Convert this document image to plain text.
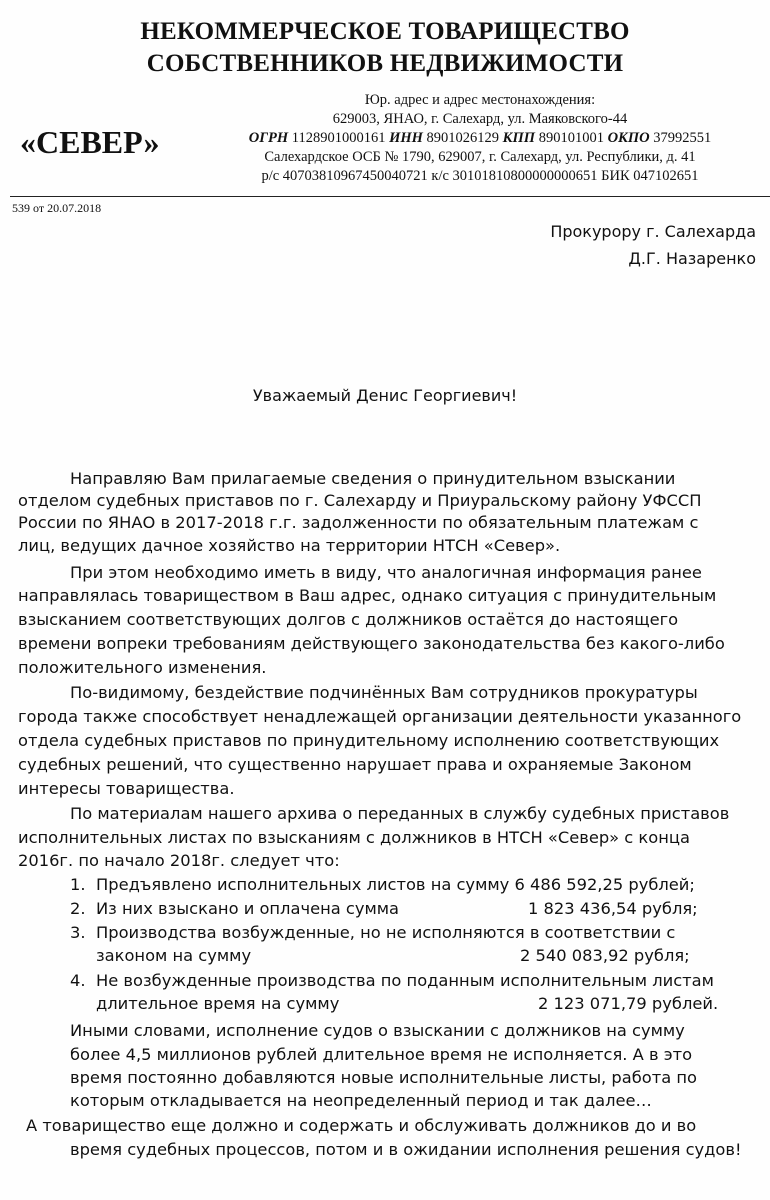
НЕКОММЕРЧЕСКОЕ ТОВАРИЩЕСТВО
СОБСТВЕННИКОВ НЕДВИЖИМОСТИ
«СЕВЕР»
Юр. адрес и адрес местонахождения:
629003, ЯНАО, г. Салехард, ул. Маяковского-44
ОГРН 1128901000161 ИНН 8901026129 КПП 890101001 ОКПО 37992551
Салехардское ОСБ № 1790, 629007, г. Салехард, ул. Республики, д. 41
р/с 40703810967450040721 к/с 30101810800000000651 БИК 047102651
539 от 20.07.2018
Прокурору г. Салехарда
Д.Г. Назаренко
Уважаемый Денис Георгиевич!
Направляю Вам прилагаемые сведения о принудительном взыскании
отделом судебных приставов по г. Салехарду и Приуральскому району УФССП
России по ЯНАО в 2017-2018 г.г. задолженности по обязательным платежам с
лиц, ведущих дачное хозяйство на территории НТСН «Север».
При этом необходимо иметь в виду, что аналогичная информация ранее
направлялась товариществом в Ваш адрес, однако ситуация с принудительным
взысканием соответствующих долгов с должников остаётся до настоящего
времени вопреки требованиям действующего законодательства без какого-либо
положительного изменения.
По-видимому, бездействие подчинённых Вам сотрудников прокуратуры
города также способствует ненадлежащей организации деятельности указанного
отдела судебных приставов по принудительному исполнению соответствующих
судебных решений, что существенно нарушает права и охраняемые Законом
интересы товарищества.
По материалам нашего архива о переданных в службу судебных приставов
исполнительных листах по взысканиям с должников в НТСН «Север» с конца
2016г. по начало 2018г. следует что:
1. Предъявлено исполнительных листов на сумму 6 486 592,25 рублей;
2. Из них взыскано и оплачена сумма	1 823 436,54 рубля;
3. Производства возбужденные, но не исполняются в соответствии с
законом на сумму	2 540 083,92 рубля;
4. Не возбужденные производства по поданным исполнительным листам
длительное время на сумму	2 123 071,79 рублей.
Иными словами, исполнение судов о взыскании с должников на сумму
более 4,5 миллионов рублей длительное время не исполняется. А в это
время постоянно добавляются новые исполнительные листы, работа по
которым откладывается на неопределенный период и так далее…
А товарищество еще должно и содержать и обслуживать должников до и во
время судебных процессов, потом и в ожидании исполнения решения судов!
